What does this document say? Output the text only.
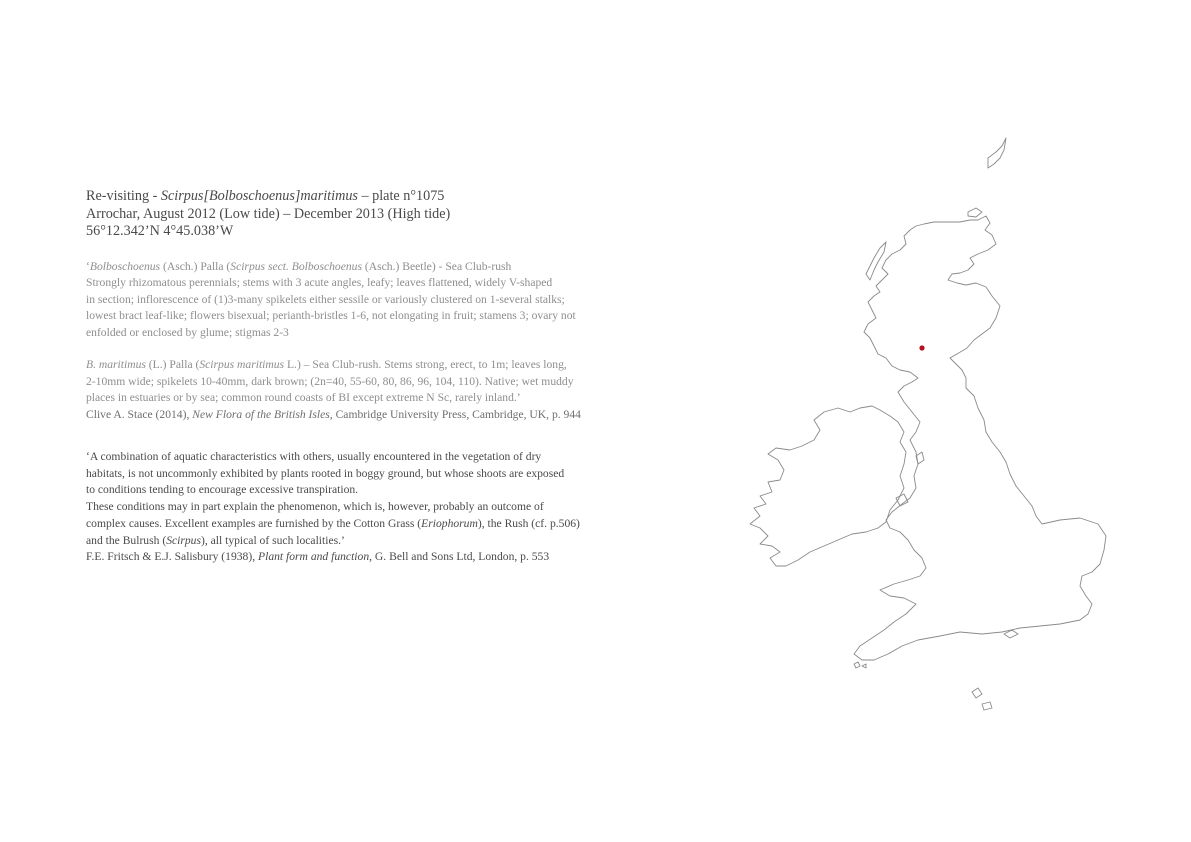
Re-visiting - Scirpus[Bolboschoenus]maritimus – plate n°1075

Arrochar, August 2012 (Low tide) – December 2013 (High tide)

56°12.342’N 4°45.038’W

‘Bolboschoenus (Asch.) Palla (Scirpus sect. Bolboschoenus (Asch.) Beetle) - Sea Club-rush

Strongly rhizomatous perennials; stems with 3 acute angles, leafy; leaves flattened, widely V-shaped

in section; inflorescence of (1)3-many spikelets either sessile or variously clustered on 1-several stalks;

lowest bract leaf-like; flowers bisexual; perianth-bristles 1-6, not elongating in fruit; stamens 3; ovary not

enfolded or enclosed by glume; stigmas 2-3

B. maritimus (L.) Palla (Scirpus maritimus L.) – Sea Club-rush. Stems strong, erect, to 1m; leaves long,

2-10mm wide; spikelets 10-40mm, dark brown; (2n=40, 55-60, 80, 86, 96, 104, 110). Native; wet muddy

places in estuaries or by sea; common round coasts of BI except extreme N Sc, rarely inland.’

Clive A. Stace (2014), New Flora of the British Isles, Cambridge University Press, Cambridge, UK, p. 944

‘A combination of aquatic characteristics with others, usually encountered in the vegetation of dry

habitats, is not uncommonly exhibited by plants rooted in boggy ground, but whose shoots are exposed

to conditions tending to encourage excessive transpiration.

These conditions may in part explain the phenomenon, which is, however, probably an outcome of

complex causes. Excellent examples are furnished by the Cotton Grass (Eriophorum), the Rush (cf. p.506)

and the Bulrush (Scirpus), all typical of such localities.’

F.E. Fritsch & E.J. Salisbury (1938), Plant form and function, G. Bell and Sons Ltd, London, p. 553
